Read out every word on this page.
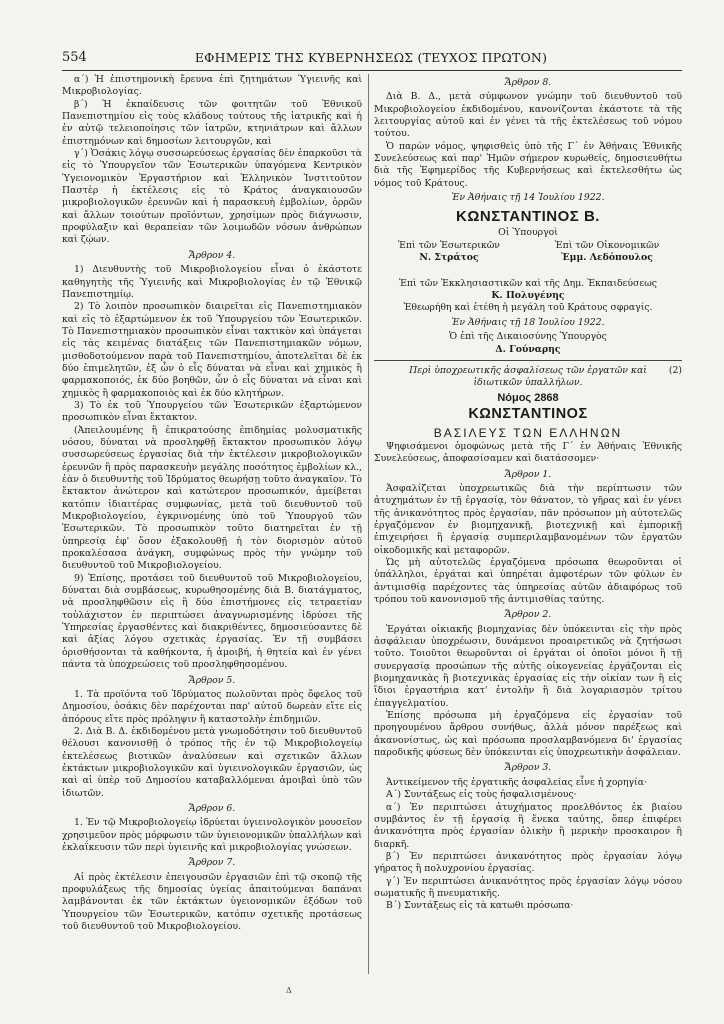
554	ΕΦΗΜΕΡΙΣ ΤΗΣ ΚΥΒΕΡΝΗΣΕΩΣ (ΤΕΥΧΟΣ ΠΡΩΤΟΝ)

α΄) Ἡ ἐπιστημονικὴ ἔρευνα ἐπὶ ζητημάτων Ὑγιεινῆς καὶ Μικροβιολογίας.

β΄) Ἡ ἐκπαίδευσις τῶν φοιτητῶν τοῦ Ἐθνικοῦ Πανεπιστημίου εἰς τοὺς κλάδους τούτους τῆς ἰατρικῆς καὶ ἡ ἐν αὐτῷ τελειοποίησις τῶν ἰατρῶν, κτηνιάτρων καὶ ἄλλων ἐπιστημόνων καὶ δημοσίων λειτουργῶν, καὶ

γ΄) Ὁσάκις λόγῳ συσσωρεύσεως ἐργασίας δὲν ἐπαρκοῦσι τὰ εἰς τὸ Ὑπουργεῖον τῶν Ἐσωτερικῶν ὑπαγόμενα Κεντρικὸν Ὑγειονομικὸν Ἐργαστήριον καὶ Ἑλληνικὸν Ἰνστιτοῦτον Παστὲρ ἡ ἐκτέλεσις εἰς τὸ Κράτος ἀναγκαιουσῶν μικροβιολογικῶν ἐρευνῶν καὶ ἡ παρασκευὴ ἐμβολίων, ὀρρῶν καὶ ἄλλων τοιούτων προϊόντων, χρησίμων πρὸς διάγνωσιν, προφύλαξιν καὶ θεραπείαν τῶν λοιμωδῶν νόσων ἀνθρώπων καὶ ζῴων.

Ἄρθρον 4.

1) Διευθυντὴς τοῦ Μικροβιολογείου εἶναι ὁ ἑκάστοτε καθηγητὴς τῆς Ὑγιεινῆς καὶ Μικροβιολογίας ἐν τῷ Ἐθνικῷ Πανεπιστημίῳ.

2) Τὸ λοιπὸν προσωπικὸν διαιρεῖται εἰς Πανεπιστημιακὸν καὶ εἰς τὸ ἐξαρτώμενον ἐκ τοῦ Ὑπουργείου τῶν Ἐσωτερικῶν. Τὸ Πανεπιστημιακὸν προσωπικὸν εἶναι τακτικὸν καὶ ὑπάγεται εἰς τὰς κειμένας διατάξεις τῶν Πανεπιστημιακῶν νόμων, μισθοδοτούμενον παρὰ τοῦ Πανεπιστημίου, ἀποτελεῖται δὲ ἐκ δύο ἐπιμελητῶν, ἐξ ὧν ὁ εἷς δύναται νὰ εἶναι καὶ χημικὸς ἢ φαρμακοποιός, ἐκ δύο βοηθῶν, ὧν ὁ εἷς δύναται νὰ εἶναι καὶ χημικὸς ἢ φαρμακοποιὸς καὶ ἐκ δύο κλητήρων.

3) Τὸ ἐκ τοῦ Ὑπουργείου τῶν Ἐσωτερικῶν ἐξαρτώμενον προσωπικὸν εἶναι ἔκτακτον.

(Ἀπειλουμένης ἢ ἐπικρατούσης ἐπιδημίας μολυσματικῆς νόσου, δύναται νὰ προσληφθῇ ἔκτακτον προσωπικὸν λόγῳ συσσωρεύσεως ἐργασίας διὰ τὴν ἐκτέλεσιν μικροβιολογικῶν ἐρευνῶν ἢ πρὸς παρασκευὴν μεγάλης ποσότητος ἐμβολίων κλ., ἐὰν ὁ διευθυντὴς τοῦ Ἱδρύματος θεωρήσῃ τοῦτο ἀναγκαῖον. Τὸ ἔκτακτον ἀνώτερον καὶ κατώτερον προσωπικόν, ἀμείβεται κατόπιν ἰδιαιτέρας συμφωνίας, μετὰ τοῦ διευθυντοῦ τοῦ Μικροβιολογείου, ἐγκρινομένης ὑπὸ τοῦ Ὑπουργοῦ τῶν Ἐσωτερικῶν. Τὸ προσωπικὸν τοῦτο διατηρεῖται ἐν τῇ ὑπηρεσίᾳ ἐφ' ὅσον ἐξακολουθῇ ἡ τὸν διορισμὸν αὐτοῦ προκαλέσασα ἀνάγκη, συμφώνως πρὸς τὴν γνώμην τοῦ διευθυντοῦ τοῦ Μικροβιολογείου.

9) Ἐπίσης, προτάσει τοῦ διευθυντοῦ τοῦ Μικροβιολογείου, δύναται διὰ συμβάσεως, κυρωθησομένης διὰ Β. διατάγματος, νὰ προσληφθῶσιν εἰς ἢ δύο ἐπιστήμονες εἰς τετραετίαν τοὐλάχιστον ἐν περιπτώσει ἀναγνωρισμένης ἰδρύσει τῆς Ὑπηρεσίας ἐργασθέντες καὶ διακριθέντες, δημοσιεύσαντες δὲ καὶ ἀξίας λόγου σχετικὰς ἐργασίας. Ἐν τῇ συμβάσει ὁρισθήσονται τὰ καθήκοντα, ἡ ἀμοιβή, ἡ θητεία καὶ ἐν γένει πάντα τὰ ὑποχρεώσεις τοῦ προσληφθησομένου.

Ἄρθρον 5.

1. Τὰ προϊόντα τοῦ Ἱδρύματος πωλοῦνται πρὸς ὄφελος τοῦ Δημοσίου, ὁσάκις δὲν παρέχονται παρ' αὐτοῦ δωρεὰν εἴτε εἰς ἀπόρους εἴτε πρὸς πρόληψιν ἢ καταστολὴν ἐπιδημιῶν.

2. Διὰ Β. Δ. ἐκδιδομένου μετὰ γνωμοδότησιν τοῦ διευθυντοῦ θέλουσι κανονισθῇ ὁ τρόπος τῆς ἐν τῷ Μικροβιολογείῳ ἐκτελέσεως βιοτικῶν ἀναλύσεων καὶ σχετικῶν ἄλλων ἐκτάκτων μικροβιολογικῶν καὶ ὑγιεινολογικῶν ἐργασιῶν, ὡς καὶ αἱ ὑπὲρ τοῦ Δημοσίου καταβαλλόμεναι ἀμοιβαὶ ὑπὸ τῶν ἰδιωτῶν.

Ἄρθρον 6.

1. Ἐν τῷ Μικροβιολογείῳ ἱδρύεται ὑγιεινολογικὸν μουσεῖον χρησιμεῦον πρὸς μόρφωσιν τῶν ὑγιειονομικῶν ὑπαλλήλων καὶ ἐκλαΐκευσιν τῶν περὶ ὑγιεινῆς καὶ μικροβιολογίας γνώσεων.

Ἄρθρον 7.

Αἱ πρὸς ἐκτέλεσιν ἐπειγουσῶν ἐργασιῶν ἐπὶ τῷ σκοπῷ τῆς προφυλάξεως τῆς δημοσίας ὑγείας ἀπαιτούμεναι δαπάναι λαμβάνονται ἐκ τῶν ἐκτάκτων ὑγειονομικῶν ἐξόδων τοῦ Ὑπουργείου τῶν Ἐσωτερικῶν, κατόπιν σχετικῆς προτάσεως τοῦ διευθυντοῦ τοῦ Μικροβιολογείου.

Ἄρθρον 8.

Διὰ Β. Δ., μετὰ σύμφωνον γνώμην τοῦ διευθυντοῦ τοῦ Μικροβιολογείου ἐκδιδομένου, κανονίζονται ἑκάστοτε τὰ τῆς λειτουργίας αὐτοῦ καὶ ἐν γένει τὰ τῆς ἐκτελέσεως τοῦ νόμου τούτου.

Ὁ παρὼν νόμος, ψηφισθεὶς ὑπὸ τῆς Γ΄ ἐν Ἀθήναις Ἐθνικῆς Συνελεύσεως καὶ παρ' Ἡμῶν σήμερον κυρωθείς, δημοσιευθήτω διὰ τῆς Ἐφημερίδος τῆς Κυβερνήσεως καὶ ἐκτελεσθήτω ὡς νόμος τοῦ Κράτους.

Ἐν Ἀθήναις τῇ 14 Ἰουλίου 1922.

ΚΩΝΣΤΑΝΤΙΝΟΣ Β.

Οἱ Ὑπουργοὶ

Ἐπὶ τῶν Ἐσωτερικῶν
Ν. Στράτος
Ἐπὶ τῶν Οἰκονομικῶν
Ἐμμ. Λεδόπουλος

Ἐπὶ τῶν Ἐκκλησιαστικῶν καὶ τῆς Δημ. Ἐκπαιδεύσεως

Κ. Πολυγένης

Ἐθεωρήθη καὶ ἐτέθη ἡ μεγάλη τοῦ Κράτους σφραγίς.

Ἐν Ἀθήναις τῇ 18 Ἰουλίου 1922.

Ὁ ἐπὶ τῆς Δικαιοσύνης Ὑπουργὸς

Δ. Γούναρης

(2)
Περὶ ὑποχρεωτικῆς ἀσφαλίσεως τῶν ἐργατῶν καὶ ἰδιωτικῶν ὑπαλλήλων.

Νόμος 2868

ΚΩΝΣΤΑΝΤΙΝΟΣ

ΒΑΣΙΛΕΥΣ ΤΩΝ ΕΛΛΗΝΩΝ

Ψηφισάμενοι ὁμοφώνως μετὰ τῆς Γ΄ ἐν Ἀθήναις Ἐθνικῆς Συνελεύσεως, ἀποφασίσαμεν καὶ διατάσσομεν·

Ἄρθρον 1.

Ἀσφαλίζεται ὑποχρεωτικῶς διὰ τὴν περίπτωσιν τῶν ἀτυχημάτων ἐν τῇ ἐργασίᾳ, τὸν θάνατον, τὸ γῆρας καὶ ἐν γένει τῆς ἀνικανότητος πρὸς ἐργασίαν, πᾶν πρόσωπον μὴ αὐτοτελῶς ἐργαζόμενον ἐν βιομηχανικῇ, βιοτεχνικῇ καὶ ἐμπορικῇ ἐπιχειρήσει ἢ ἐργασίᾳ συμπεριλαμβανομένων τῶν ἐργατῶν οἰκοδομικῆς καὶ μεταφορῶν.

Ὡς μὴ αὐτοτελῶς ἐργαζόμενα πρόσωπα θεωροῦνται οἱ ὑπάλληλοι, ἐργάται καὶ ὑπηρέται ἀμφοτέρων τῶν φύλων ἐν ἀντιμισθίᾳ παρέχοντες τὰς ὑπηρεσίας αὐτῶν ἀδιαφόρως τοῦ τρόπου τοῦ κανονισμοῦ τῆς ἀντιμισθίας ταύτης.

Ἄρθρον 2.

Ἐργάται οἰκιακῆς βιομηχανίας δὲν ὑπόκεινται εἰς τὴν πρὸς ἀσφάλειαν ὑποχρέωσιν, δυνάμενοι προαιρετικῶς νὰ ζητήσωσι τοῦτο. Τοιοῦτοι θεωροῦνται οἱ ἐργάται οἱ ὁποῖοι μόνοι ἢ τῇ συνεργασίᾳ προσώπων τῆς αὐτῆς οἰκογενείας ἐργάζονται εἰς βιομηχανικὰς ἢ βιοτεχνικὰς ἐργασίας εἰς τὴν οἰκίαν των ἢ εἰς ἴδιοι ἐργαστήρια κατ' ἐντολὴν ἢ διὰ λογαριασμὸν τρίτου ἐπαγγελματίου.

Ἐπίσης πρόσωπα μὴ ἐργαζόμενα εἰς ἐργασίαν τοῦ προηγουμένου ἄρθρου συνήθως, ἀλλὰ μόνον παρέξεως καὶ ἀκανονίστως, ὡς καὶ πρόσωπα προσλαμβανόμενα δι' ἐργασίας παροδικῆς φύσεως δὲν ὑπόκεινται εἰς ὑποχρεωτικὴν ἀσφάλειαν.

Ἄρθρον 3.

Ἀντικείμενον τῆς ἐργατικῆς ἀσφαλείας εἶνε ἡ χορηγία·

Α΄) Συντάξεως εἰς τοὺς ἠσφαλισμένους·

α΄) Ἐν περιπτώσει ἀτυχήματος προελθόντος ἐκ βιαίου συμβάντος ἐν τῇ ἐργασίᾳ ἢ ἕνεκα ταύτης, ὅπερ ἐπιφέρει ἀνικανότητα πρὸς ἐργασίαν ὁλικὴν ἢ μερικὴν προσκαιρον ἢ διαρκῆ.

β΄) Ἐν περιπτώσει ἀνικανότητος πρὸς ἐργασίαν λόγῳ γήρατος ἢ πολυχρονίου ἐργασίας.

γ΄) Ἐν περιπτώσει ἀνικανότητος πρὸς ἐργασίαν λόγῳ νόσου σωματικῆς ἢ πνευματικῆς.

Β΄) Συντάξεως εἰς τὰ κατωθι πρόσωπα·

Δ
